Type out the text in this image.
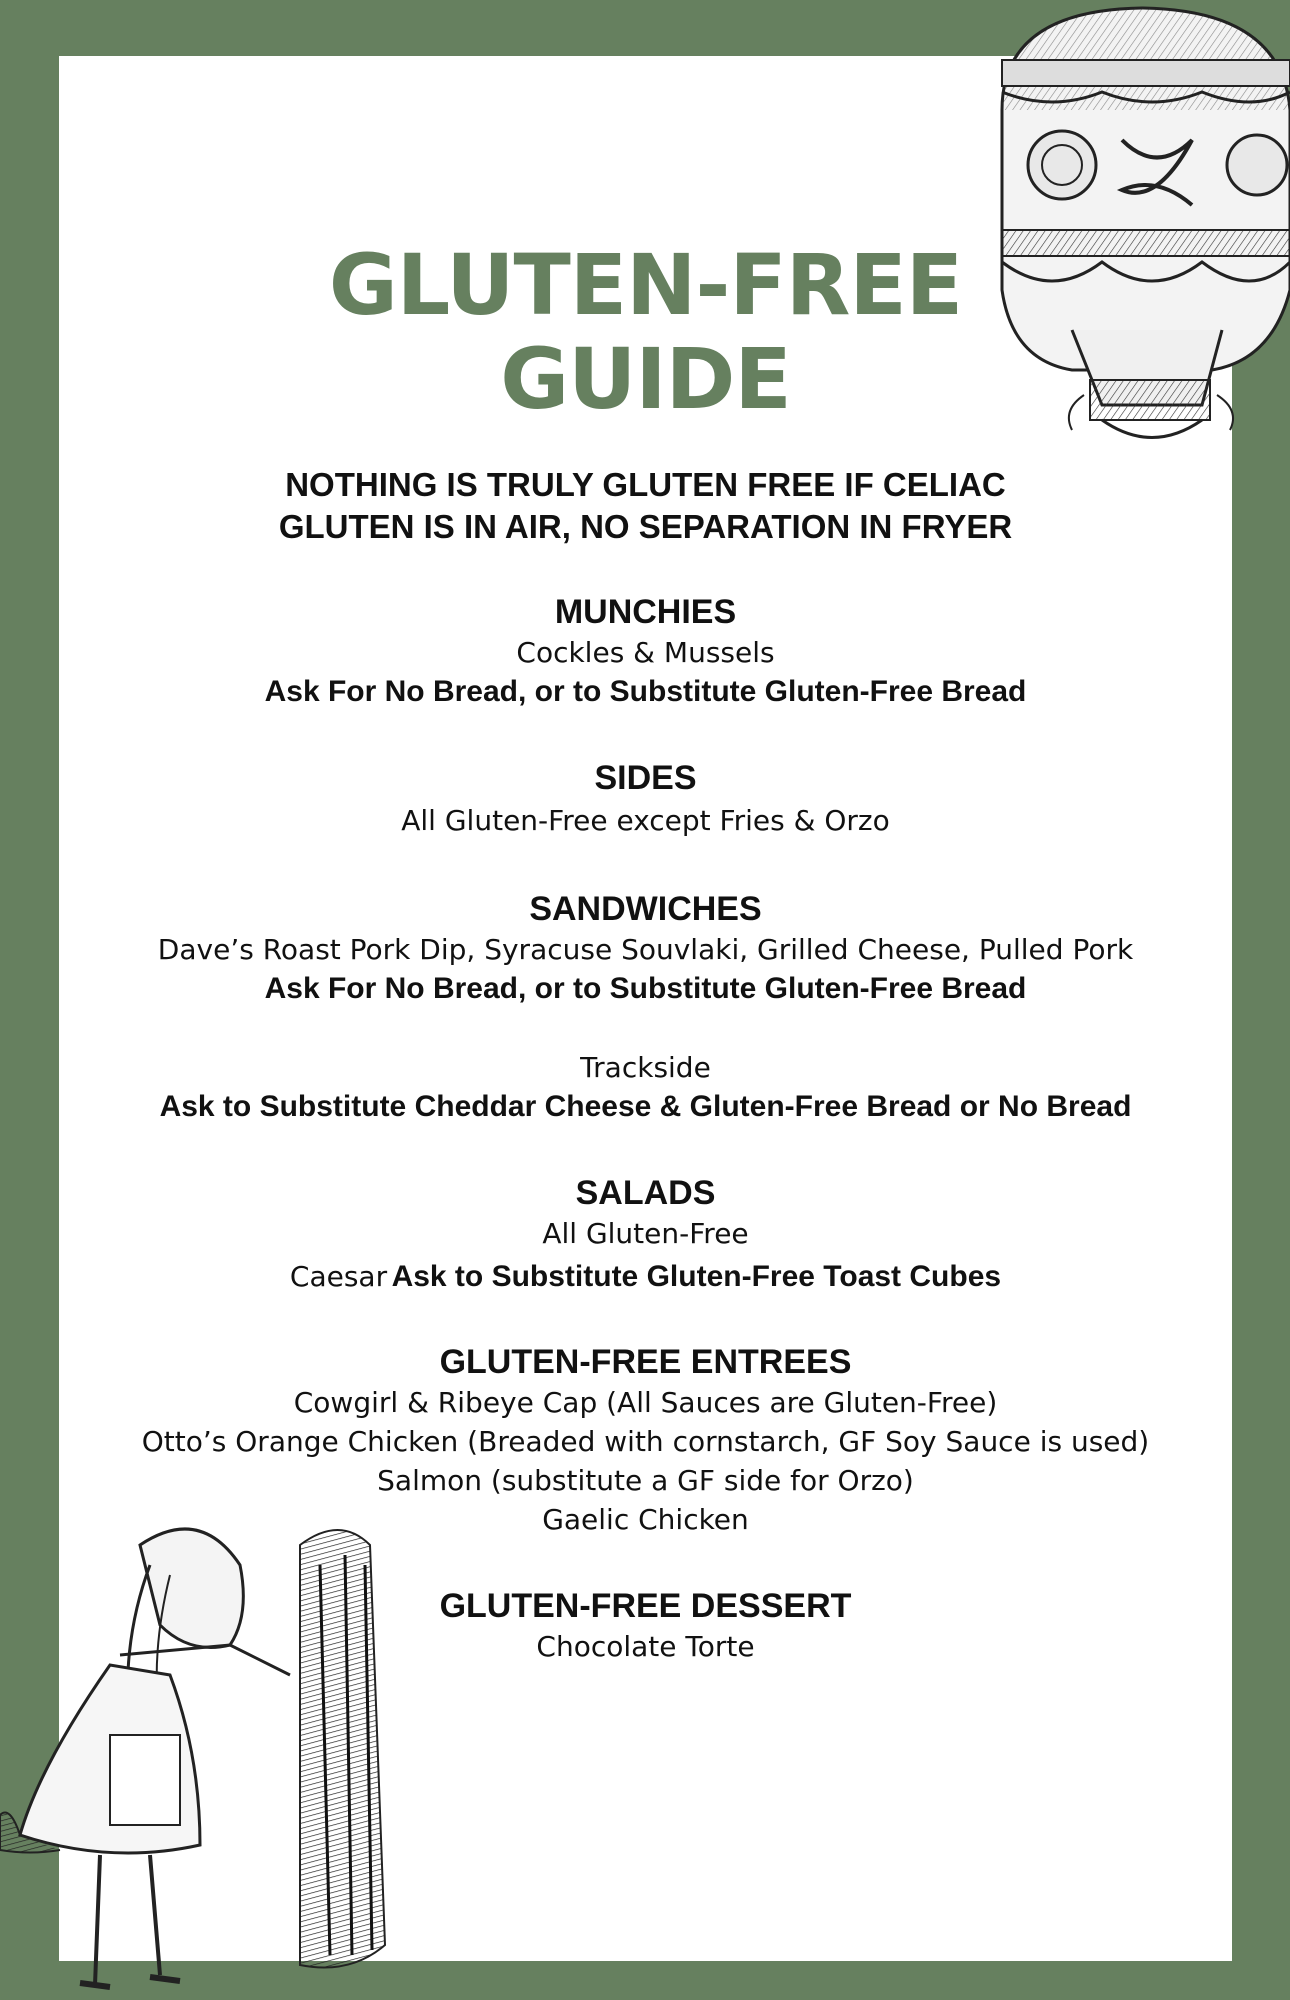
GLUTEN-FREE
GUIDE
NOTHING IS TRULY GLUTEN FREE IF CELIAC
GLUTEN IS IN AIR, NO SEPARATION IN FRYER
MUNCHIES
Cockles & Mussels
Ask For No Bread, or to Substitute Gluten-Free Bread
SIDES
All Gluten-Free except Fries & Orzo
SANDWICHES
Dave’s Roast Pork Dip, Syracuse Souvlaki, Grilled Cheese, Pulled Pork
Ask For No Bread, or to Substitute Gluten-Free Bread
Trackside
Ask to Substitute Cheddar Cheese & Gluten-Free Bread or No Bread
SALADS
All Gluten-Free
Caesar Ask to Substitute Gluten-Free Toast Cubes
GLUTEN-FREE ENTREES
Cowgirl & Ribeye Cap (All Sauces are Gluten-Free)
Otto’s Orange Chicken (Breaded with cornstarch, GF Soy Sauce is used)
Salmon (substitute a GF side for Orzo)
Gaelic Chicken
GLUTEN-FREE DESSERT
Chocolate Torte
